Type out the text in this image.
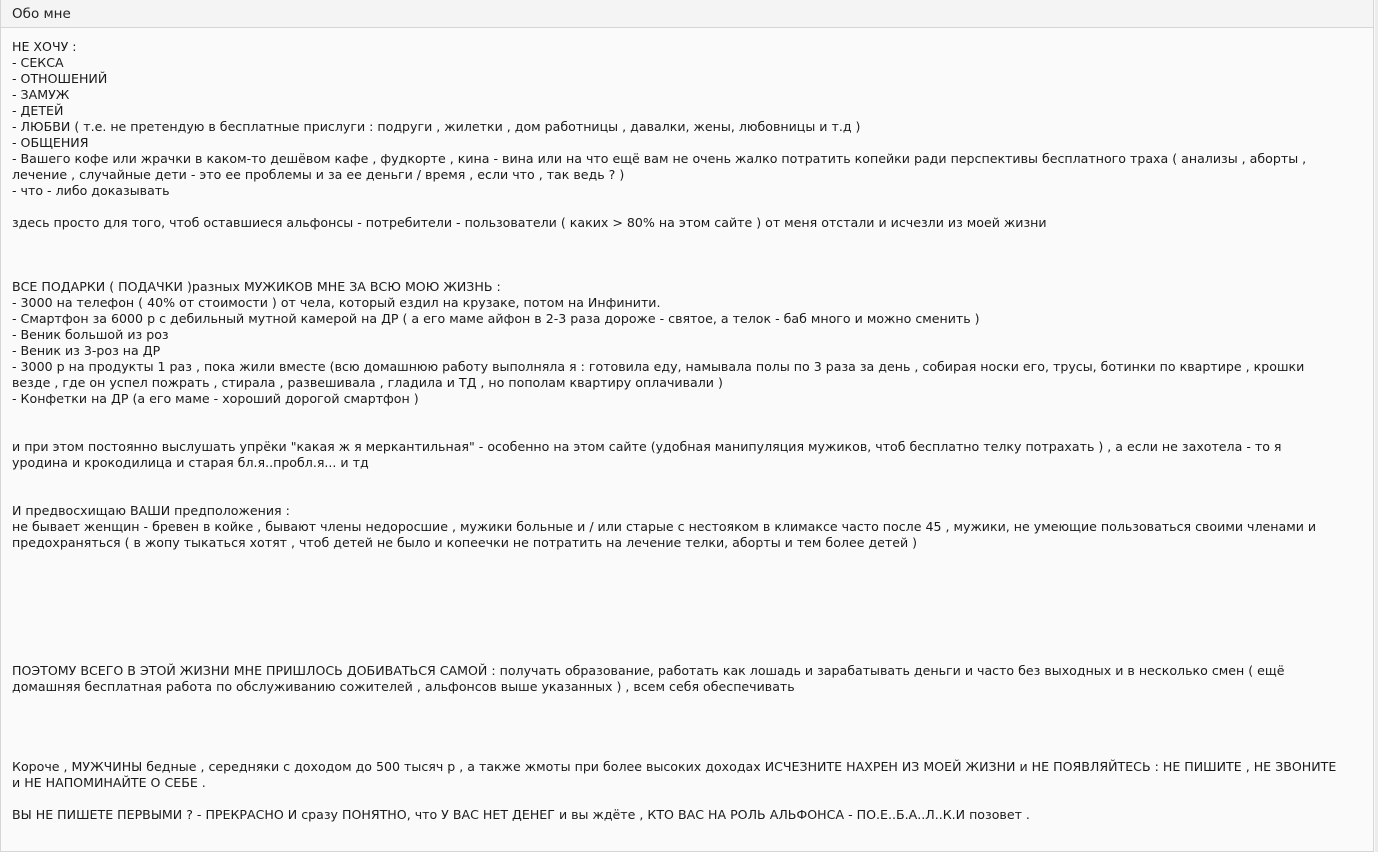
Обо мне
НЕ ХОЧУ :
- СЕКСА
- ОТНОШЕНИЙ
- ЗАМУЖ
- ДЕТЕЙ
- ЛЮБВИ ( т.е. не претендую в бесплатные прислуги : подруги , жилетки , дом работницы , давалки, жены, любовницы и т.д )
- ОБЩЕНИЯ
- Вашего кофе или жрачки в каком-то дешёвом кафе , фудкорте , кина - вина или на что ещё вам не очень жалко потратить копейки ради перспективы бесплатного траха ( анализы , аборты ,
лечение , случайные дети - это ее проблемы и за ее деньги / время , если что , так ведь ? )
- что - либо доказывать
здесь просто для того, чтоб оставшиеся альфонсы - потребители - пользователи ( каких > 80% на этом сайте ) от меня отстали и исчезли из моей жизни
ВСЕ ПОДАРКИ ( ПОДАЧКИ )разных МУЖИКОВ МНЕ ЗА ВСЮ МОЮ ЖИЗНЬ :
- 3000 на телефон ( 40% от стоимости ) от чела, который ездил на крузаке, потом на Инфинити.
- Смартфон за 6000 р с дебильный мутной камерой на ДР ( а его маме айфон в 2-3 раза дороже - святое, а телок - баб много и можно сменить )
- Веник большой из роз
- Веник из 3-роз на ДР
- 3000 р на продукты 1 раз , пока жили вместе (всю домашнюю работу выполняла я : готовила еду, намывала полы по 3 раза за день , собирая носки его, трусы, ботинки по квартире , крошки
везде , где он успел пожрать , стирала , развешивала , гладила и ТД , но пополам квартиру оплачивали )
- Конфетки на ДР (а его маме - хороший дорогой смартфон )
и при этом постоянно выслушать упрёки "какая ж я меркантильная" - особенно на этом сайте (удобная манипуляция мужиков, чтоб бесплатно телку потрахать ) , а если не захотела - то я
уродина и крокодилица и старая бл.я..пробл.я... и тд
И предвосхищаю ВАШИ предположения :
не бывает женщин - бревен в койке , бывают члены недоросшие , мужики больные и / или старые с нестояком в климаксе часто после 45 , мужики, не умеющие пользоваться своими членами и
предохраняться ( в жопу тыкаться хотят , чтоб детей не было и копеечки не потратить на лечение телки, аборты и тем более детей )
ПОЭТОМУ ВСЕГО В ЭТОЙ ЖИЗНИ МНЕ ПРИШЛОСЬ ДОБИВАТЬСЯ САМОЙ : получать образование, работать как лошадь и зарабатывать деньги и часто без выходных и в несколько смен ( ещё
домашняя бесплатная работа по обслуживанию сожителей , альфонсов выше указанных ) , всем себя обеспечивать
Короче , МУЖЧИНЫ бедные , середняки с доходом до 500 тысяч р , а также жмоты при более высоких доходах ИСЧЕЗНИТЕ НАХРЕН ИЗ МОЕЙ ЖИЗНИ и НЕ ПОЯВЛЯЙТЕСЬ : НЕ ПИШИТЕ , НЕ ЗВОНИТЕ
и НЕ НАПОМИНАЙТЕ О СЕБЕ .
ВЫ НЕ ПИШЕТЕ ПЕРВЫМИ ? - ПРЕКРАСНО И сразу ПОНЯТНО, что У ВАС НЕТ ДЕНЕГ и вы ждёте , КТО ВАС НА РОЛЬ АЛЬФОНСА - ПО.Е..Б.А..Л..К.И позовет .
